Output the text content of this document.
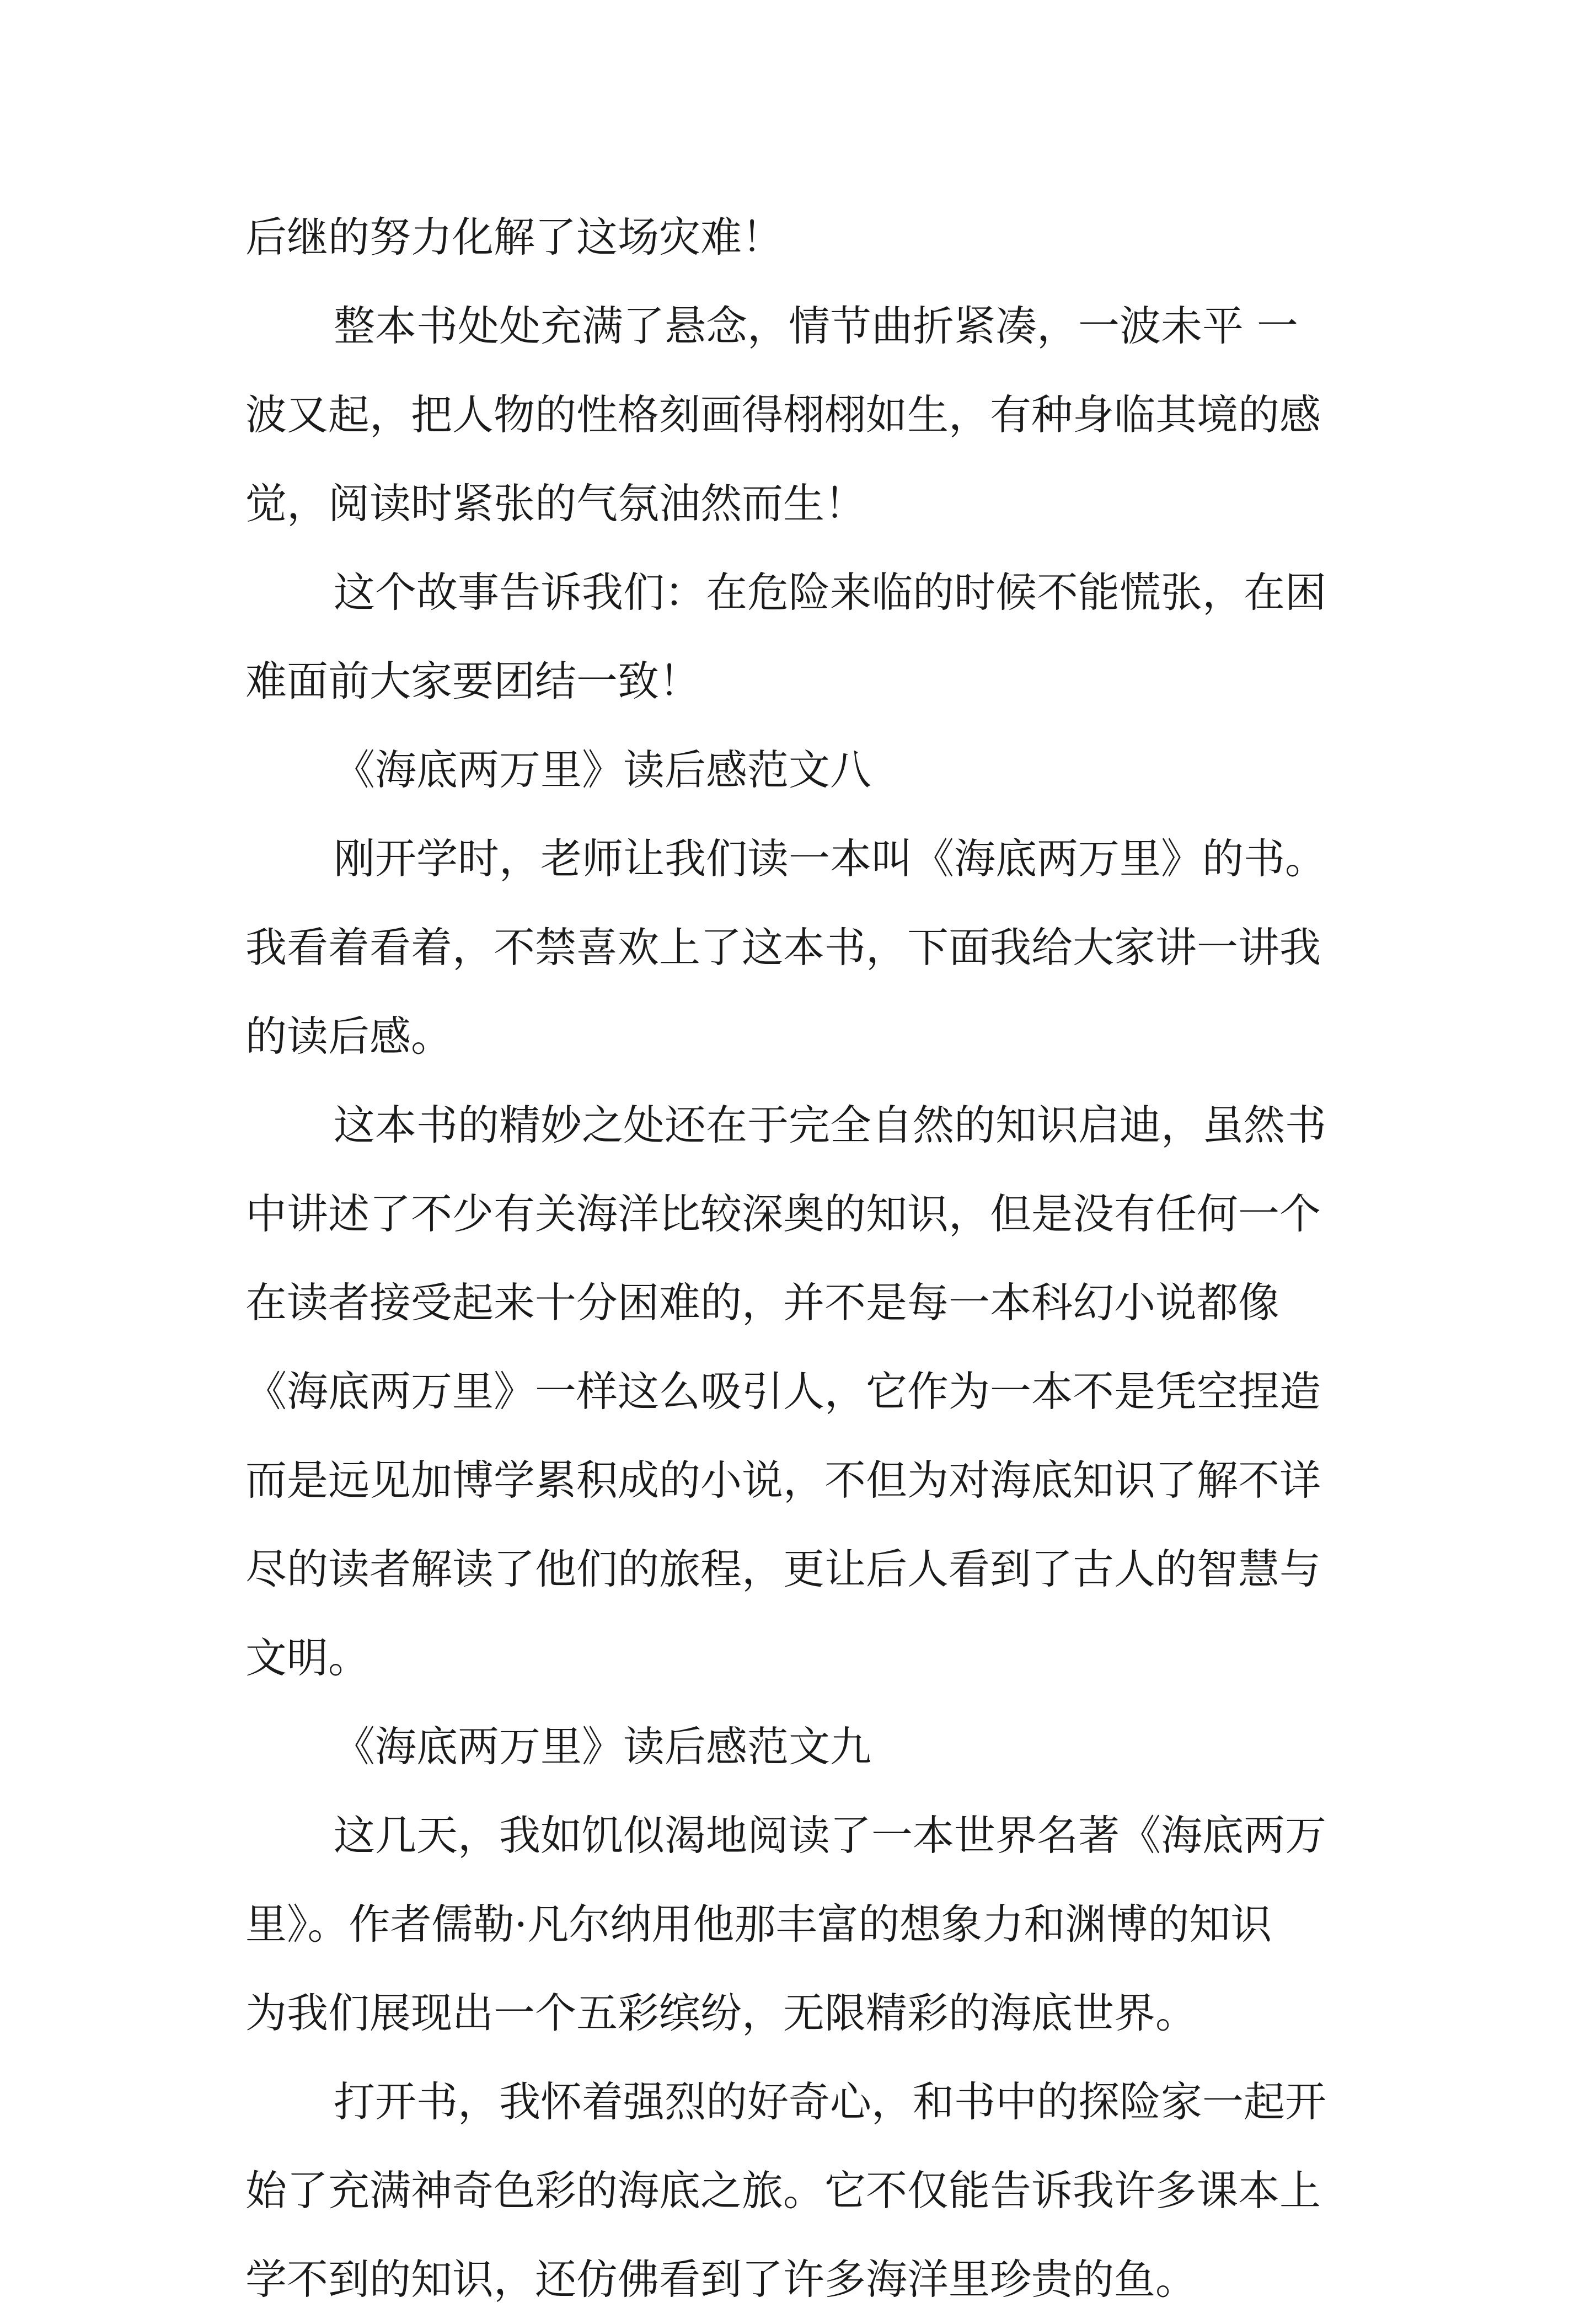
后继的努力化解了这场灾难！

整本书处处充满了悬念，情节曲折紧凑，一波未平 一
波又起，把人物的性格刻画得栩栩如生，有种身临其境的感
觉，阅读时紧张的气氛油然而生！

这个故事告诉我们：在危险来临的时候不能慌张，在困
难面前大家要团结一致！

《海底两万里》读后感范文八

刚开学时，老师让我们读一本叫《海底两万里》的书。
我看着看着，不禁喜欢上了这本书，下面我给大家讲一讲我
的读后感。

这本书的精妙之处还在于完全自然的知识启迪，虽然书
中讲述了不少有关海洋比较深奥的知识，但是没有任何一个
在读者接受起来十分困难的，并不是每一本科幻小说都像
《海底两万里》一样这么吸引人，它作为一本不是凭空捏造
而是远见加博学累积成的小说，不但为对海底知识了解不详
尽的读者解读了他们的旅程，更让后人看到了古人的智慧与
文明。

《海底两万里》读后感范文九

这几天，我如饥似渴地阅读了一本世界名著《海底两万
里》。作者儒勒·凡尔纳用他那丰富的想象力和渊博的知识
为我们展现出一个五彩缤纷，无限精彩的海底世界。

打开书，我怀着强烈的好奇心，和书中的探险家一起开
始了充满神奇色彩的海底之旅。它不仅能告诉我许多课本上
学不到的知识，还仿佛看到了许多海洋里珍贵的鱼。
